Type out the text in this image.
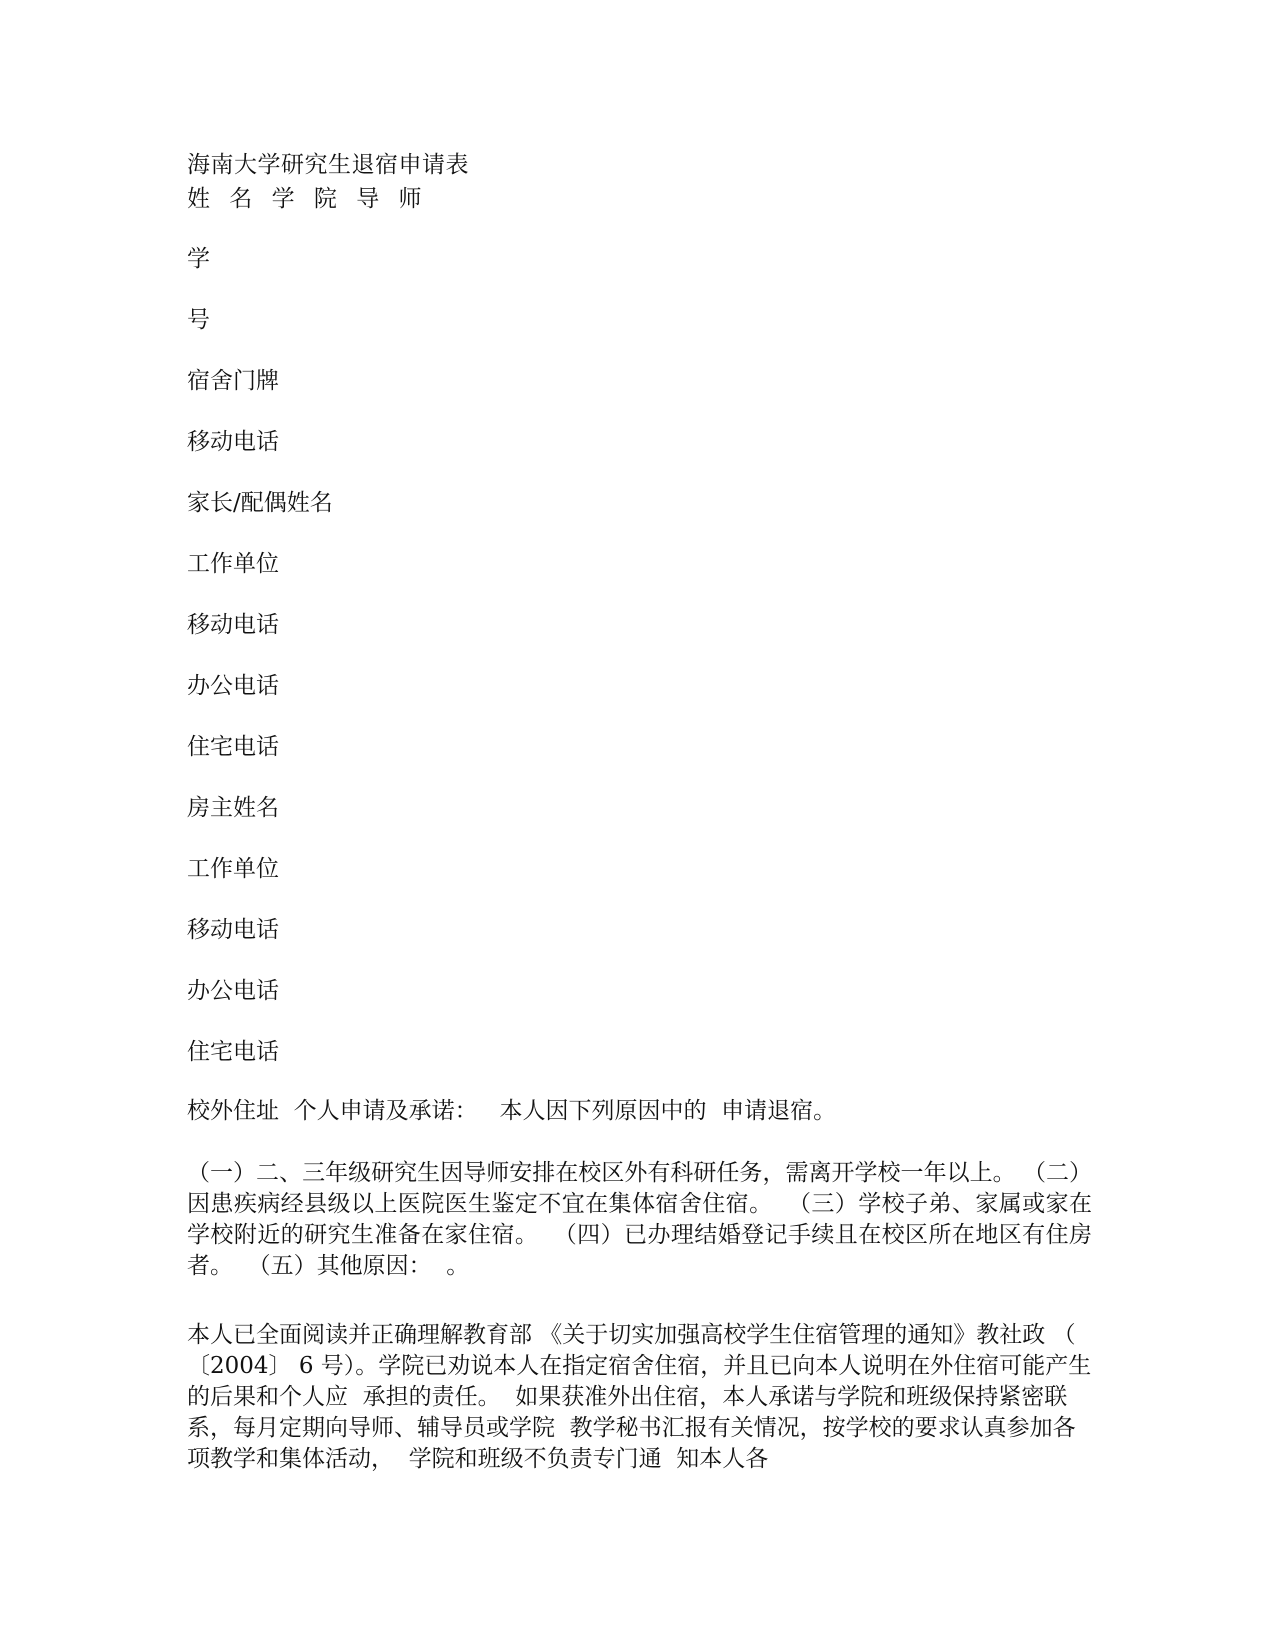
海南大学研究生退宿申请表
姓 名 学 院 导 师
学
号
宿舍门牌
移动电话
家长/配偶姓名
工作单位
移动电话
办公电话
住宅电话
房主姓名
工作单位
移动电话
办公电话
住宅电话
校外住址  个人申请及承诺：   本人因下列原因中的  申请退宿。

（一）二、三年级研究生因导师安排在校区外有科研任务，需离开学校一年以上。 （二）因患疾病经县级以上医院医生鉴定不宜在集体宿舍住宿。  （三）学校子弟、家属或家在学校附近的研究生准备在家住宿。  （四）已办理结婚登记手续且在校区所在地区有住房者。  （五）其他原因：  。

本人已全面阅读并正确理解教育部 《关于切实加强高校学生住宿管理的通知》教社政 （ 〔2004〕 6 号）。学院已劝说本人在指定宿舍住宿，并且已向本人说明在外住宿可能产生的后果和个人应  承担的责任。  如果获准外出住宿，本人承诺与学院和班级保持紧密联系，每月定期向导师、辅导员或学院  教学秘书汇报有关情况，按学校的要求认真参加各项教学和集体活动，  学院和班级不负责专门通  知本人各
